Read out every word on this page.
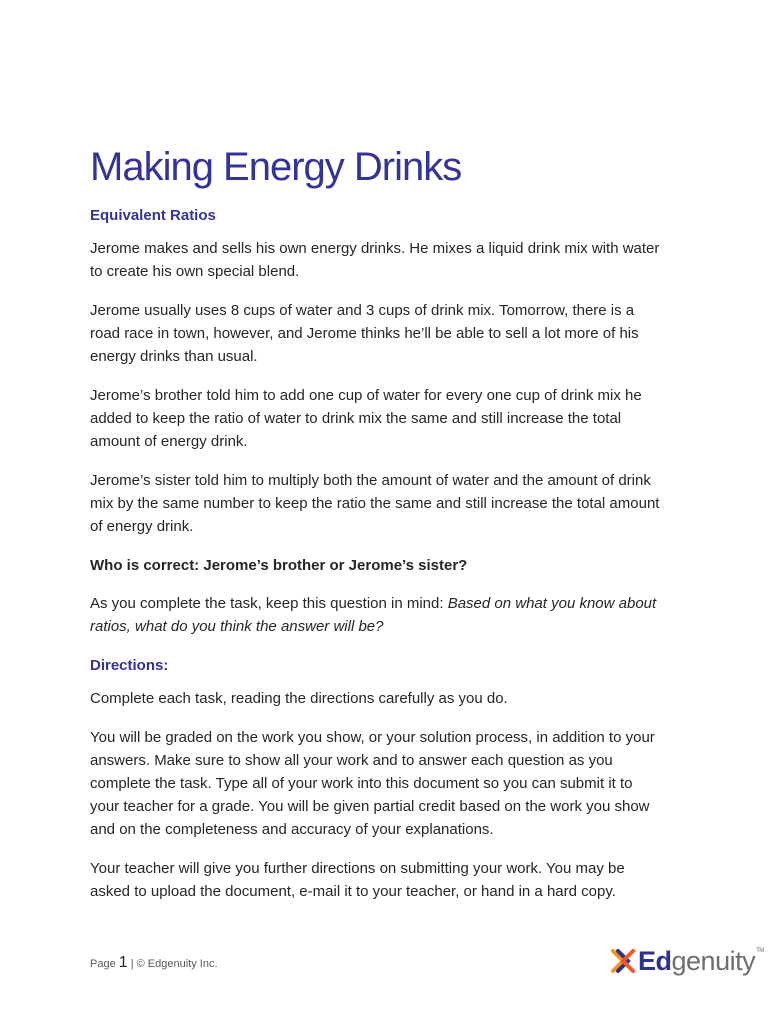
Making Energy Drinks
Equivalent Ratios

Jerome makes and sells his own energy drinks. He mixes a liquid drink mix with water to create his own special blend.

Jerome usually uses 8 cups of water and 3 cups of drink mix. Tomorrow, there is a road race in town, however, and Jerome thinks he’ll be able to sell a lot more of his energy drinks than usual.

Jerome’s brother told him to add one cup of water for every one cup of drink mix he added to keep the ratio of water to drink mix the same and still increase the total amount of energy drink.

Jerome’s sister told him to multiply both the amount of water and the amount of drink mix by the same number to keep the ratio the same and still increase the total amount of energy drink.

Who is correct: Jerome’s brother or Jerome’s sister?

As you complete the task, keep this question in mind: Based on what you know about ratios, what do you think the answer will be?

Directions:

Complete each task, reading the directions carefully as you do.

You will be graded on the work you show, or your solution process, in addition to your answers. Make sure to show all your work and to answer each question as you complete the task. Type all of your work into this document so you can submit it to your teacher for a grade. You will be given partial credit based on the work you show and on the completeness and accuracy of your explanations.

Your teacher will give you further directions on submitting your work. You may be asked to upload the document, e-mail it to your teacher, or hand in a hard copy.

Page 1 | © Edgenuity Inc.	Edgenuity™
